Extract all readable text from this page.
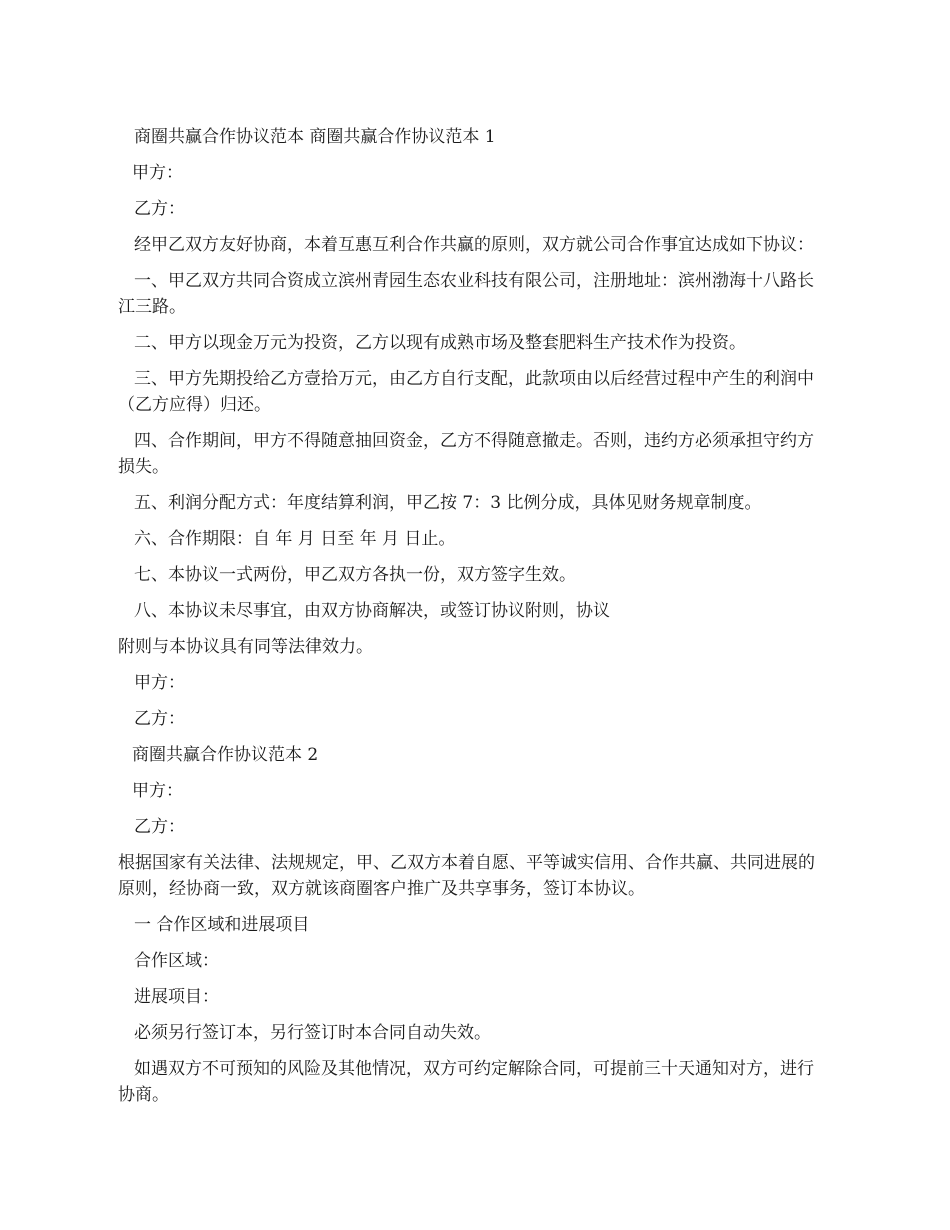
商圈共赢合作协议范本 商圈共赢合作协议范本 1

甲方：

乙方：

经甲乙双方友好协商，本着互惠互利合作共赢的原则，双方就公司合作事宜达成如下协议：

一、甲乙双方共同合资成立滨州青园生态农业科技有限公司，注册地址：滨州渤海十八路长江三路。

二、甲方以现金万元为投资，乙方以现有成熟市场及整套肥料生产技术作为投资。

三、甲方先期投给乙方壹拾万元，由乙方自行支配，此款项由以后经营过程中产生的利润中（乙方应得）归还。

四、合作期间，甲方不得随意抽回资金，乙方不得随意撤走。否则，违约方必须承担守约方损失。

五、利润分配方式：年度结算利润，甲乙按 7：3 比例分成，具体见财务规章制度。

六、合作期限：自 年 月 日至 年 月 日止。

七、本协议一式两份，甲乙双方各执一份，双方签字生效。

八、本协议未尽事宜，由双方协商解决，或签订协议附则，协议

附则与本协议具有同等法律效力。

甲方：

乙方：

商圈共赢合作协议范本 2

甲方：

乙方：

根据国家有关法律、法规规定，甲、乙双方本着自愿、平等诚实信用、合作共赢、共同进展的原则，经协商一致，双方就该商圈客户推广及共享事务，签订本协议。

一 合作区域和进展项目

合作区域：

进展项目：

必须另行签订本，另行签订时本合同自动失效。

如遇双方不可预知的风险及其他情况，双方可约定解除合同，可提前三十天通知对方，进行协商。
